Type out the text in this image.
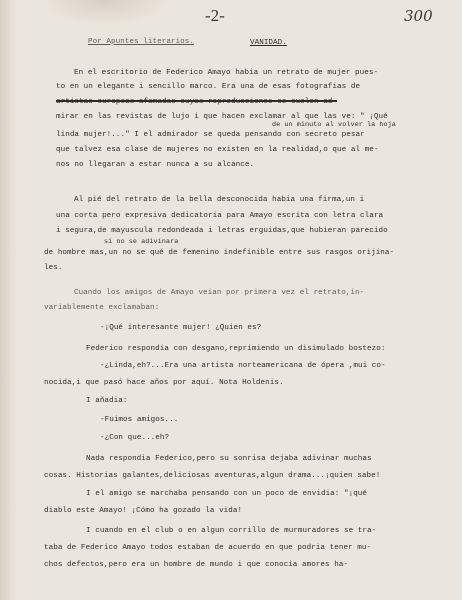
-2-	300
Por Apuntes literarios.	VANIDAD.
En el escritorio de Federico Amayo habia un retrato de mujer pues-
to en un elegante i sencillo marco. Era una de esas fotografias de
artistas europeas afamadas cuyas reproducciones se suelen ad-
mirar en las revistas de lujo i que hacen exclamar al que las ve: " ¡Qué
de un minuto al volver la hoja
linda mujer!..." I el admirador se queda pensando con secreto pesar
que talvez esa clase de mujeres no existen en la realidad,o que al me-
nos no llegaran a estar nunca a su alcance.
Al pié del retrato de la bella desconocida habia una firma,un i
una corta pero expresiva dedicatoria para Amayo escrita con letra clara
i segura,de mayuscula redondeada i letras erguidas,que hubieran parecido
si no se adivinara
de hombre mas,un no se qué de femenino indefinible entre sus rasgos orijina-
les.
Cuando los amigos de Amayo veian por primera vez el retrato,in-
variablemente exclamaban:
-¡Qué interesante mujer! ¿Quien es?
Federico respondia con desgano,reprimiendo un disimulado bostezo:
-¿Linda,eh?...Era una artista norteamericana de ópera ,mui co-
nocida,i que pasó hace años por aquí. Nota Holdenis.
I añadia:
-Fuimos amigos...
-¿Con que...eh?
Nada respondia Federico,pero su sonrisa dejaba adivinar muchas
cosas. Historias galantes,deliciosas aventuras,algun drama...¡quien sabe!
I el amigo se marchaba pensando con un poco de envidia: "¡qué
diablo este Amayo! ¡Cómo ha gozado la vida!
I cuando en el club o en algun corrillo de murmuradores se tra-
taba de Federico Amayo todos estaban de acuerdo en que podria tener mu-
chos defectos,pero era un hombre de mundo i que conocia amores ha-
